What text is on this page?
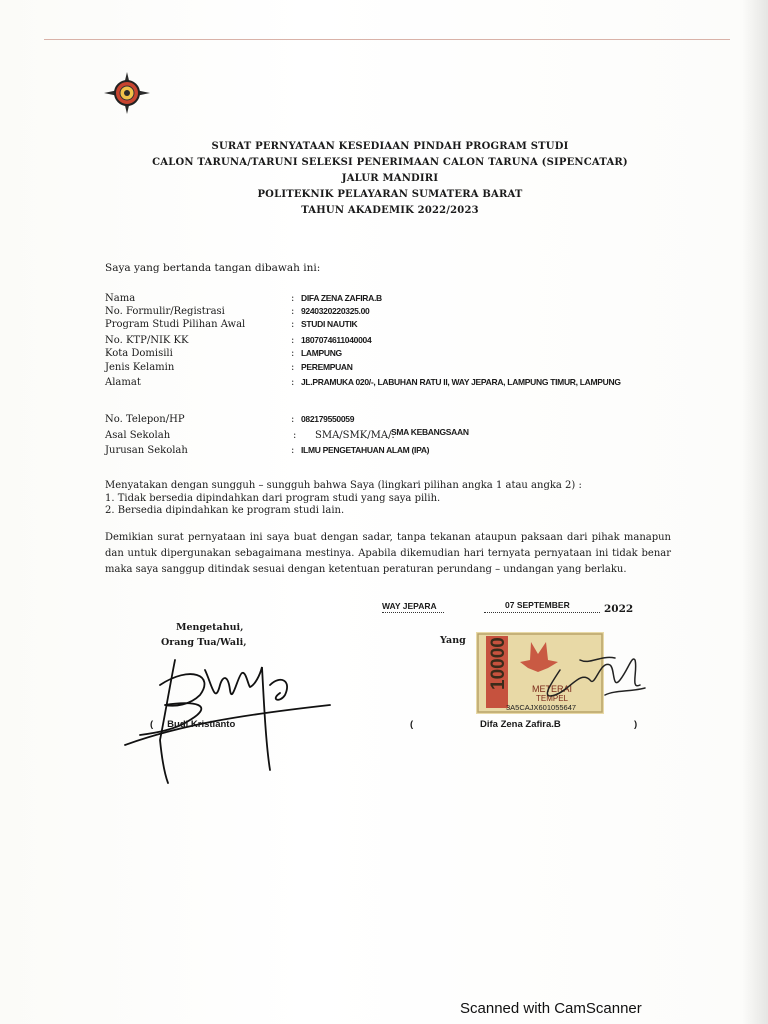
SURAT PERNYATAAN KESEDIAAN PINDAH PROGRAM STUDI
CALON TARUNA/TARUNI SELEKSI PENERIMAAN CALON TARUNA (SIPENCATAR)
JALUR MANDIRI
POLITEKNIK PELAYARAN SUMATERA BARAT
TAHUN AKADEMIK 2022/2023
Saya yang bertanda tangan dibawah ini:
Nama	: DIFA ZENA ZAFIRA.B
No. Formulir/Registrasi	: 9240320220325.00
Program Studi Pilihan Awal	: STUDI NAUTIK
No. KTP/NIK KK	: 1807074611040004
Kota Domisili	: LAMPUNG
Jenis Kelamin	: PEREMPUAN
Alamat	: JL.PRAMUKA 020/-, LABUHAN RATU II, WAY JEPARA, LAMPUNG TIMUR, LAMPUNG
No. Telepon/HP	: 082179550059
Asal Sekolah	: SMA/SMK/MA/.
SMA KEBANGSAAN
Jurusan Sekolah	: ILMU PENGETAHUAN ALAM (IPA)
Menyatakan dengan sungguh – sungguh bahwa Saya (lingkari pilihan angka 1 atau angka 2) :
1. Tidak bersedia dipindahkan dari program studi yang saya pilih.
2. Bersedia dipindahkan ke program studi lain.
Demikian surat pernyataan ini saya buat dengan sadar, tanpa tekanan ataupun paksaan dari pihak manapun dan untuk dipergunakan sebagaimana mestinya. Apabila dikemudian hari ternyata pernyataan ini tidak benar maka saya sanggup ditindak sesuai dengan ketentuan peraturan perundang – undangan yang berlaku.
WAY JEPARA	07 SEPTEMBER	2022
Mengetahui,
Orang Tua/Wali,	Yang
( Budi Kristianto
10000	METERAI
TEMPEL
3A5CAJX601055647
(	Difa Zena Zafira.B	)
Scanned with CamScanner
